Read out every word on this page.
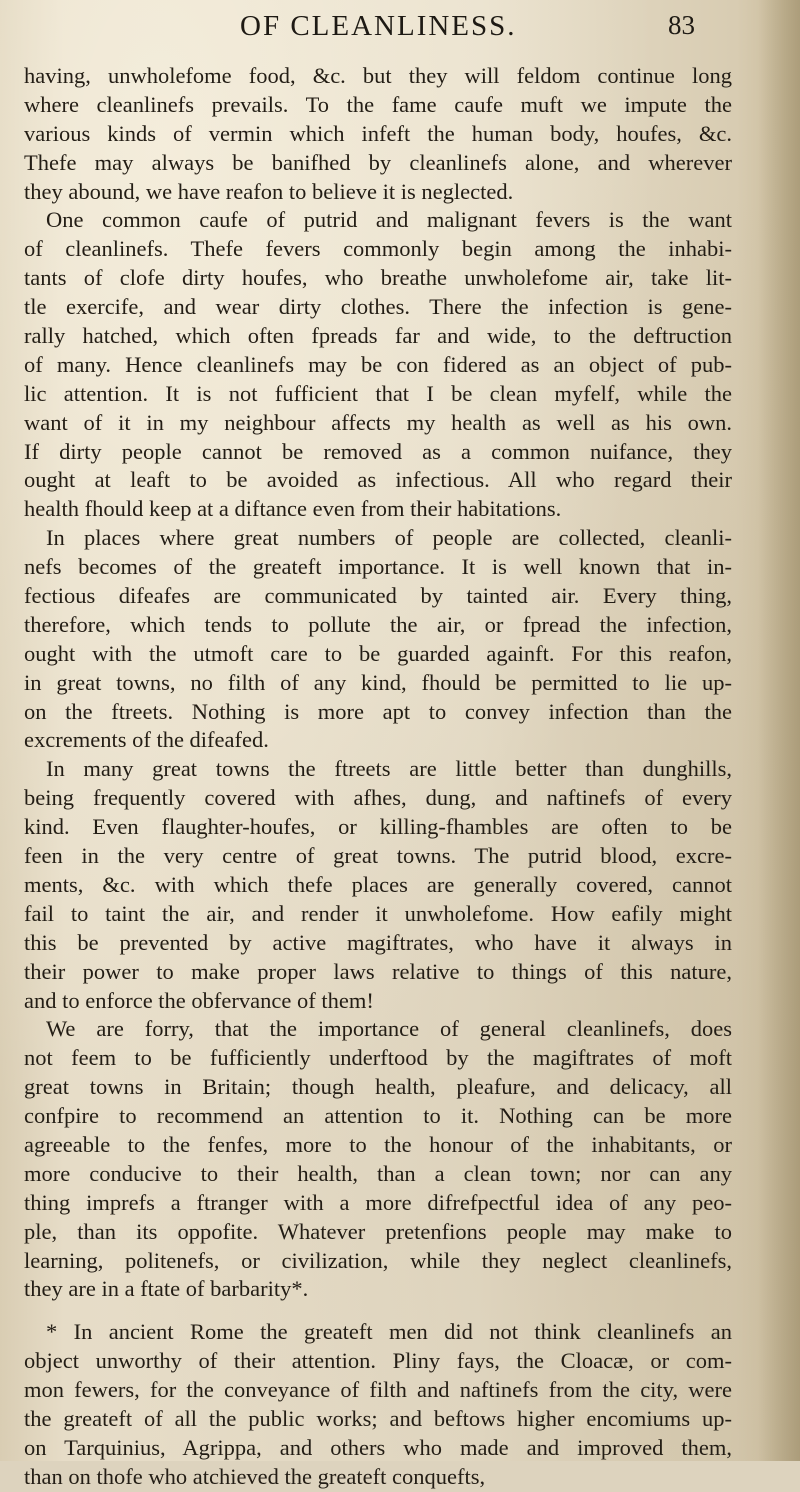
OF CLEANLINESS.	83
having, unwholefome food, &c. but they will feldom continue long
where cleanlinefs prevails. To the fame caufe muft we impute the
various kinds of vermin which infeft the human body, houfes, &c.
Thefe may always be banifhed by cleanlinefs alone, and wherever
they abound, we have reafon to believe it is neglected.
One common caufe of putrid and malignant fevers is the want
of cleanlinefs. Thefe fevers commonly begin among the inhabi-
tants of clofe dirty houfes, who breathe unwholefome air, take lit-
tle exercife, and wear dirty clothes. There the infection is gene-
rally hatched, which often fpreads far and wide, to the deftruction
of many. Hence cleanlinefs may be con fidered as an object of pub-
lic attention. It is not fufficient that I be clean myfelf, while the
want of it in my neighbour affects my health as well as his own.
If dirty people cannot be removed as a common nuifance, they
ought at leaft to be avoided as infectious. All who regard their
health fhould keep at a diftance even from their habitations.
In places where great numbers of people are collected, cleanli-
nefs becomes of the greateft importance. It is well known that in-
fectious difeafes are communicated by tainted air. Every thing,
therefore, which tends to pollute the air, or fpread the infection,
ought with the utmoft care to be guarded againft. For this reafon,
in great towns, no filth of any kind, fhould be permitted to lie up-
on the ftreets. Nothing is more apt to convey infection than the
excrements of the difeafed.
In many great towns the ftreets are little better than dunghills,
being frequently covered with afhes, dung, and naftinefs of every
kind. Even flaughter-houfes, or killing-fhambles are often to be
feen in the very centre of great towns. The putrid blood, excre-
ments, &c. with which thefe places are generally covered, cannot
fail to taint the air, and render it unwholefome. How eafily might
this be prevented by active magiftrates, who have it always in
their power to make proper laws relative to things of this nature,
and to enforce the obfervance of them!
We are forry, that the importance of general cleanlinefs, does
not feem to be fufficiently underftood by the magiftrates of moft
great towns in Britain; though health, pleafure, and delicacy, all
confpire to recommend an attention to it. Nothing can be more
agreeable to the fenfes, more to the honour of the inhabitants, or
more conducive to their health, than a clean town; nor can any
thing imprefs a ftranger with a more difrefpectful idea of any peo-
ple, than its oppofite. Whatever pretenfions people may make to
learning, politenefs, or civilization, while they neglect cleanlinefs,
they are in a ftate of barbarity*.
* In ancient Rome the greateft men did not think cleanlinefs an
object unworthy of their attention. Pliny fays, the Cloacæ, or com-
mon fewers, for the conveyance of filth and naftinefs from the city, were
the greateft of all the public works; and beftows higher encomiums up-
on Tarquinius, Agrippa, and others who made and improved them,
than on thofe who atchieved the greateft conquefts,
